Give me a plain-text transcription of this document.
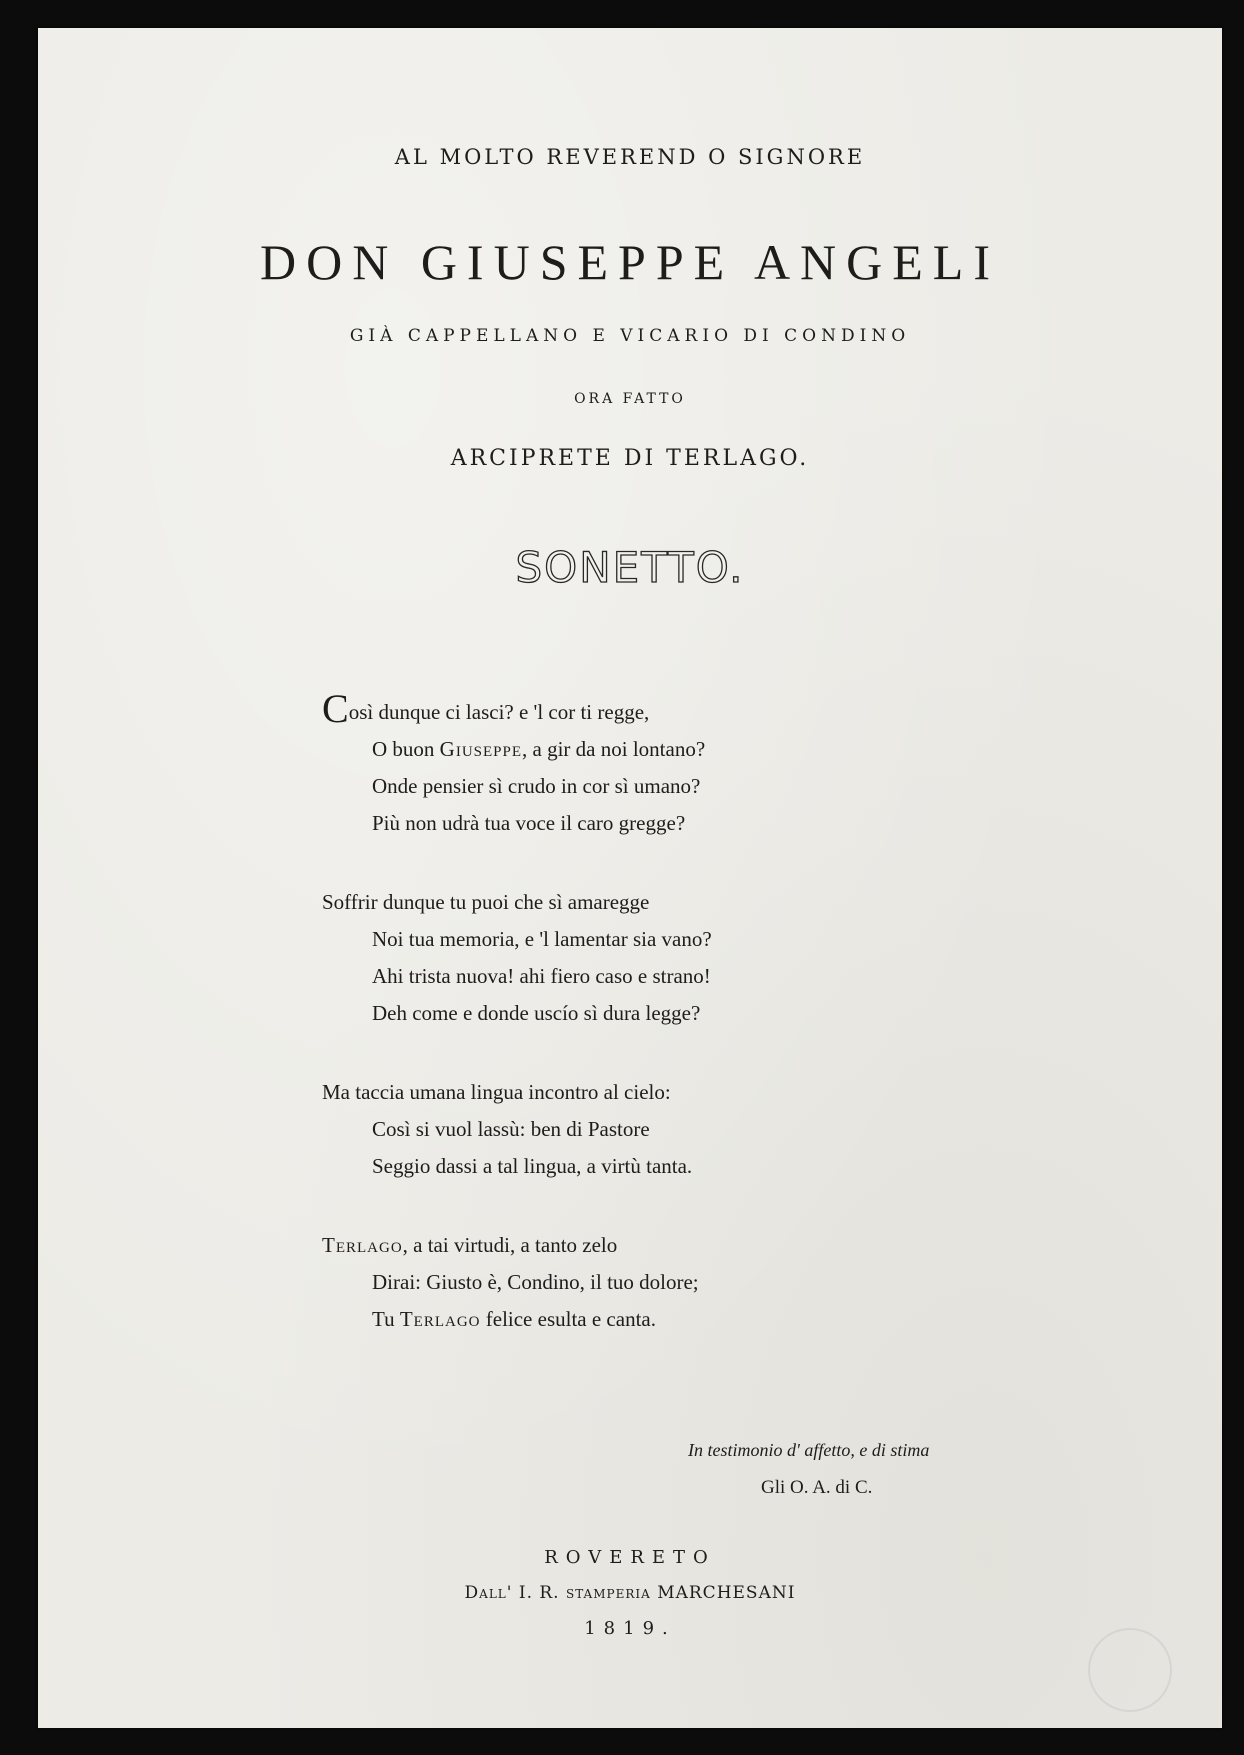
AL MOLTO REVEREND O SIGNORE
DON GIUSEPPE ANGELI
GIÀ CAPPELLANO E VICARIO DI CONDINO
ORA FATTO
ARCIPRETE DI TERLAGO.
SONETTO.
Così dunque ci lasci? e 'l cor ti regge,
O buon Giuseppe, a gir da noi lontano?
Onde pensier sì crudo in cor sì umano?
Più non udrà tua voce il caro gregge?
Soffrir dunque tu puoi che sì amaregge
Noi tua memoria, e 'l lamentar sia vano?
Ahi trista nuova! ahi fiero caso e strano!
Deh come e donde uscío sì dura legge?
Ma taccia umana lingua incontro al cielo:
Così si vuol lassù: ben di Pastore
Seggio dassi a tal lingua, a virtù tanta.
Terlago, a tai virtudi, a tanto zelo
Dirai: Giusto è, Condino, il tuo dolore;
Tu Terlago felice esulta e canta.
In testimonio d' affetto, e di stima
Gli O. A. di C.
ROVERETO
Dall' I. R. stamperia MARCHESANI
1819.
